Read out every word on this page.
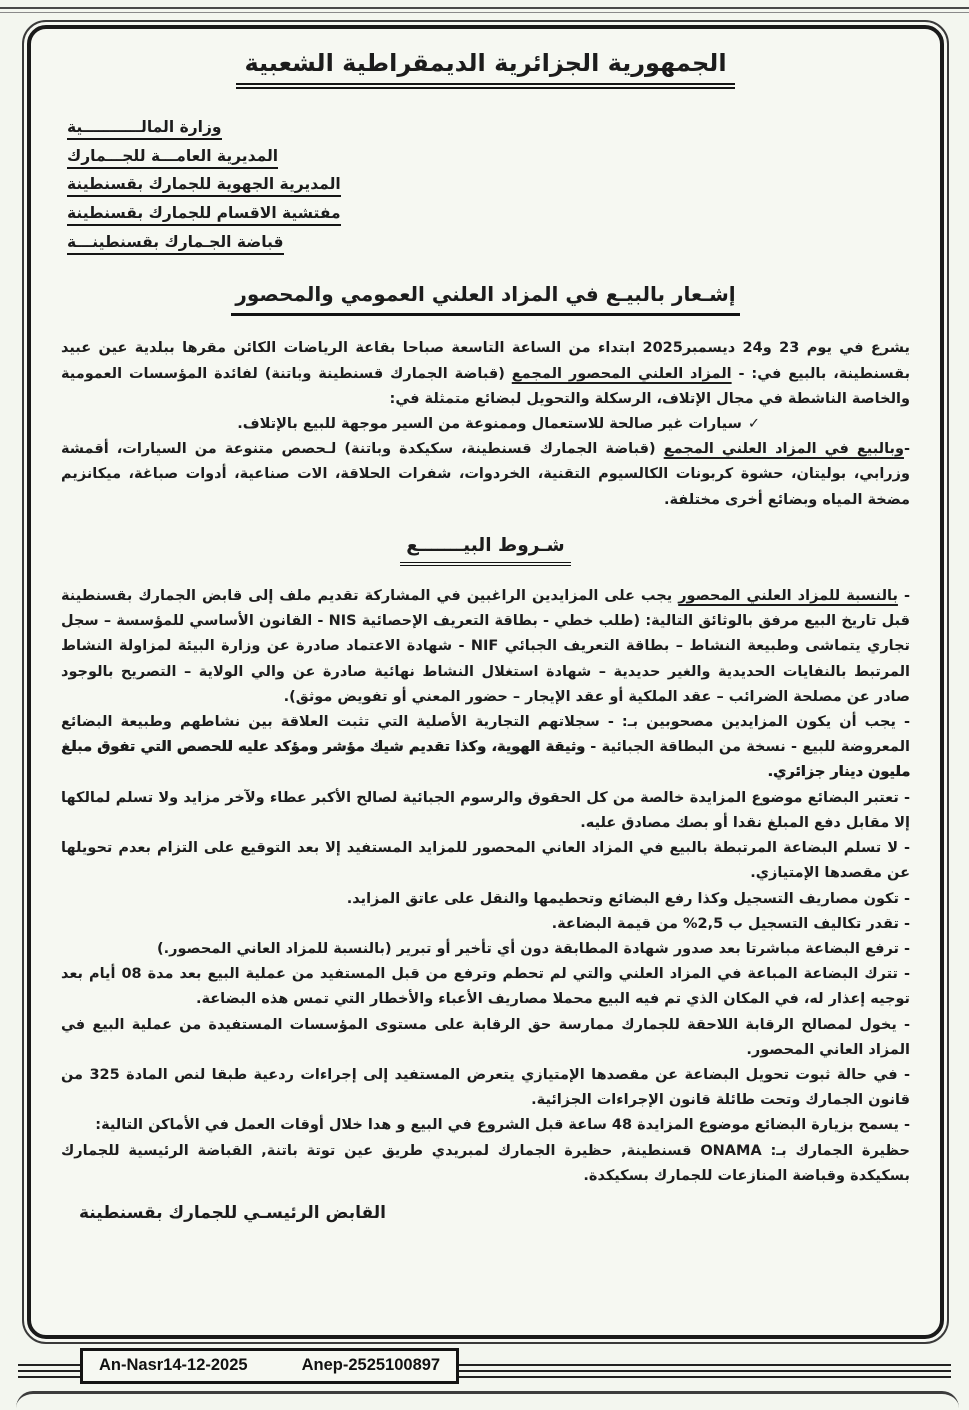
الجمهورية الجزائرية الديمقراطية الشعبية
وزارة المالـــــــــــية
المديرية العامـــة للجـــمارك
المديرية الجهوية للجمارك بقسنطينة
مفتشية الاقسام للجمارك بقسنطينة
قباضة الجـمارك بقسنطينـــة
إشـعار بالبيـع في المزاد العلني العمومي والمحصور

يشرع في يوم 23 و24 ديسمبر2025 ابتداء من الساعة التاسعة صباحا بقاعة الرياضات الكائن مقرها ببلدية عين عبيد بقسنطينة، بالبيع في: - المزاد العلني المحصور المجمع (قباضة الجمارك قسنطينة وباتنة) لفائدة المؤسسات العمومية والخاصة الناشطة في مجال الإتلاف، الرسكلة والتحويل لبضائع متمثلة في:

✓سيارات غير صالحة للاستعمال وممنوعة من السير موجهة للبيع بالإتلاف.

-وبالبيع في المزاد العلني المجمع (قباضة الجمارك قسنطينة، سكيكدة وباتنة) لـحصص متنوعة من السيارات، أقمشة وزرابي، بوليتان، حشوة كربونات الكالسيوم التقنية، الخردوات، شفرات الحلاقة، الات صناعية، أدوات صباغة، ميكانزيم مضخة المياه وبضائع أخرى مختلفة.

شـروط البيـــــــع

- بالنسبة للمزاد العلني المحصور يجب على المزايدين الراغبين في المشاركة تقديم ملف إلى قابض الجمارك بقسنطينة قبل تاريخ البيع مرفق بالوثائق التالية: (طلب خطي - بطاقة التعريف الإحصائية NIS - القانون الأساسي للمؤسسة – سجل تجاري يتماشى وطبيعة النشاط – بطاقة التعريف الجبائي NIF - شهادة الاعتماد صادرة عن وزارة البيئة لمزاولة النشاط المرتبط بالنفايات الحديدية والغير حديدية – شهادة استغلال النشاط نهائية صادرة عن والي الولاية – التصريح بالوجود صادر عن مصلحة الضرائب – عقد الملكية أو عقد الإيجار – حضور المعني أو تفويض موثق).

- يجب أن يكون المزايدين مصحوبين بـ: - سجلاتهم التجارية الأصلية التي تثبت العلاقة بين نشاطهم وطبيعة البضائع المعروضة للبيع - نسخة من البطاقة الجبائية - وثيقة الهوية، وكذا تقديم شيك مؤشر ومؤكد عليه للحصص التي تفوق مبلغ مليون دينار جزائري.

- تعتبر البضائع موضوع المزايدة خالصة من كل الحقوق والرسوم الجبائية لصالح الأكبر عطاء ولآخر مزايد ولا تسلم لمالكها إلا مقابل دفع المبلغ نقدا أو بصك مصادق عليه.

- لا تسلم البضاعة المرتبطة بالبيع في المزاد العاني المحصور للمزايد المستفيد إلا بعد التوقيع على التزام بعدم تحويلها عن مقصدها الإمتيازي.

- تكون مصاريف التسجيل وكذا رفع البضائع وتحطيمها والنقل على عاتق المزايد.

- تقدر تكاليف التسجيل ب 2,5% من قيمة البضاعة.

- ترفع البضاعة مباشرتا بعد صدور شهادة المطابقة دون أي تأخير أو تبرير (بالنسبة للمزاد العاني المحصور.)

- تترك البضاعة المباعة في المزاد العلني والتي لم تحطم وترفع من قبل المستفيد من عملية البيع بعد مدة 08 أيام بعد توجيه إعذار له، في المكان الذي تم فيه البيع محملا مصاريف الأعباء والأخطار التي تمس هذه البضاعة.

- يخول لمصالح الرقابة اللاحقة للجمارك ممارسة حق الرقابة على مستوى المؤسسات المستفيدة من عملية البيع في المزاد العاني المحصور.

- في حالة ثبوت تحويل البضاعة عن مقصدها الإمتيازي يتعرض المستفيد إلى إجراءات ردعية طبقا لنص المادة 325 من قانون الجمارك وتحت طائلة قانون الإجراءات الجزائية.

- يسمح بزيارة البضائع موضوع المزايدة 48 ساعة قبل الشروع في البيع و هدا خلال أوقات العمل في الأماكن التالية:

حظيرة الجمارك بـ: ONAMA قسنطينة, حظيرة الجمارك لمبريدي طريق عين توتة باتنة, القباضة الرئيسية للجمارك بسكيكدة وقباضة المنازعات للجمارك بسكيكدة.

القابض الرئيسـي للجمارك بقسنطينة
An-Nasr14-12-2025	Anep-2525100897
